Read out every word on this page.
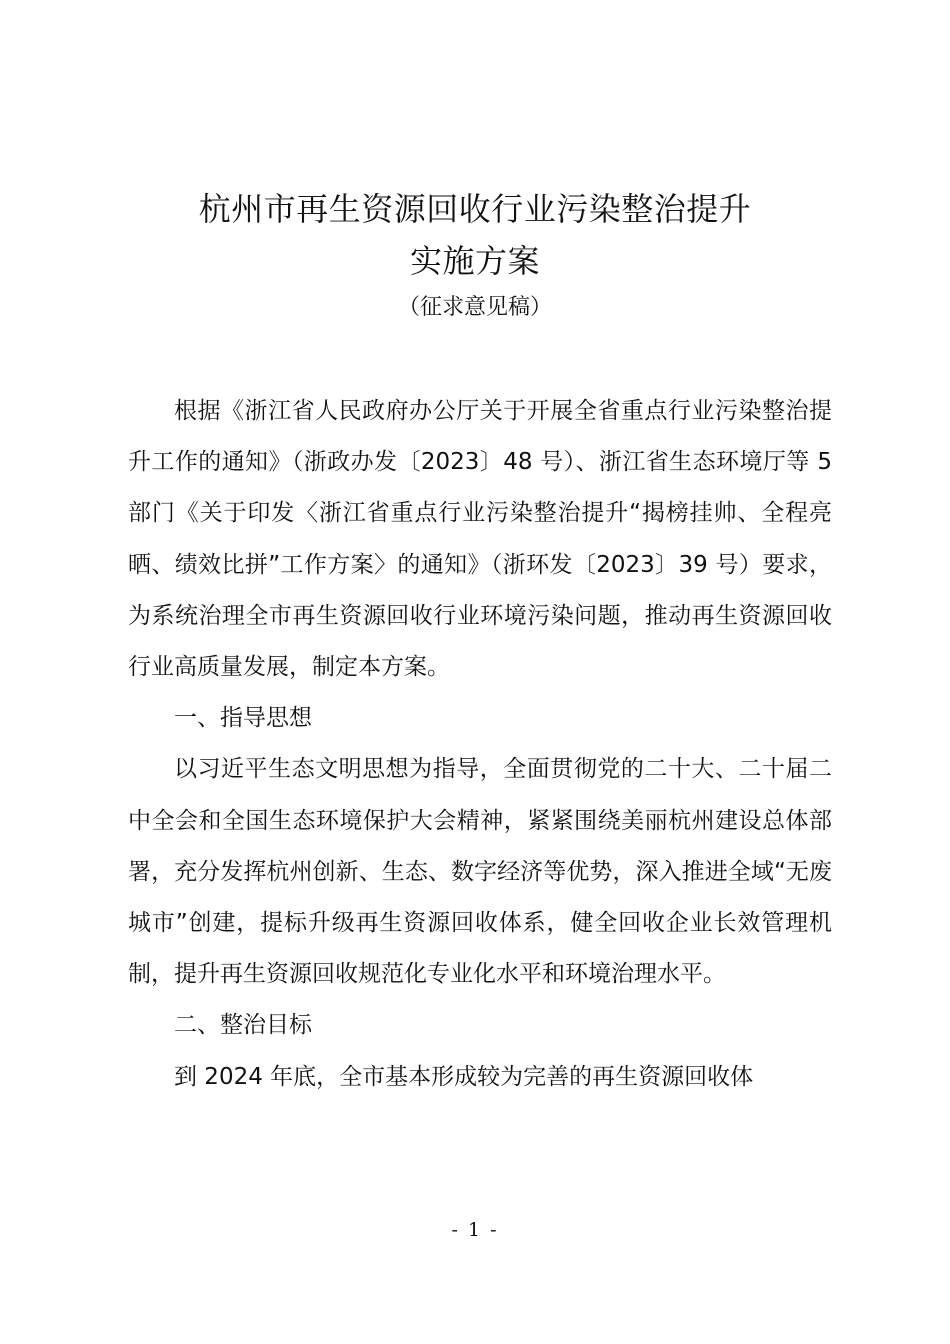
杭州市再生资源回收行业污染整治提升
实施方案
（征求意见稿）

根据《浙江省人民政府办公厅关于开展全省重点行业污染整治提升工作的通知》（浙政办发〔2023〕48 号）、浙江省生态环境厅等 5 部门《关于印发〈浙江省重点行业污染整治提升“揭榜挂帅、全程亮晒、绩效比拼”工作方案〉的通知》（浙环发〔2023〕39 号）要求，为系统治理全市再生资源回收行业环境污染问题，推动再生资源回收行业高质量发展，制定本方案。

一、指导思想

以习近平生态文明思想为指导，全面贯彻党的二十大、二十届二中全会和全国生态环境保护大会精神，紧紧围绕美丽杭州建设总体部署，充分发挥杭州创新、生态、数字经济等优势，深入推进全域“无废城市”创建，提标升级再生资源回收体系，健全回收企业长效管理机制，提升再生资源回收规范化专业化水平和环境治理水平。

二、整治目标

到 2024 年底，全市基本形成较为完善的再生资源回收体

- 1 -
